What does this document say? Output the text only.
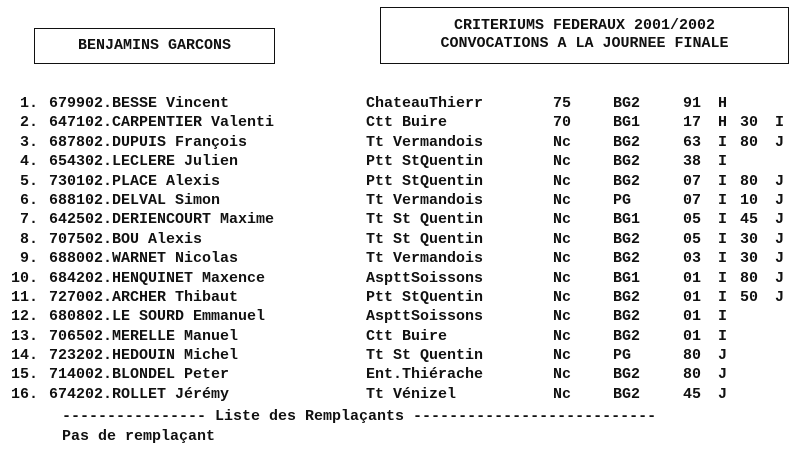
BENJAMINS GARCONS
CRITERIUMS FEDERAUX 2001/2002
CONVOCATIONS A LA JOURNEE FINALE
1. 679902.BESSE Vincent	ChateauThierr	75	BG2	91 H
2. 647102.CARPENTIER Valenti	Ctt Buire	70	BG1	17 H 30 I
3. 687802.DUPUIS François	Tt Vermandois	Nc	BG2	63 I 80 J
4. 654302.LECLERE Julien	Ptt StQuentin	Nc	BG2	38 I
5. 730102.PLACE Alexis	Ptt StQuentin	Nc	BG2	07 I 80 J
6. 688102.DELVAL Simon	Tt Vermandois	Nc	PG	07 I 10 J
7. 642502.DERIENCOURT Maxime	Tt St Quentin	Nc	BG1	05 I 45 J
8. 707502.BOU Alexis	Tt St Quentin	Nc	BG2	05 I 30 J
9. 688002.WARNET Nicolas	Tt Vermandois	Nc	BG2	03 I 30 J
10. 684202.HENQUINET Maxence	AspttSoissons	Nc	BG1	01 I 80 J
11. 727002.ARCHER Thibaut	Ptt StQuentin	Nc	BG2	01 I 50 J
12. 680802.LE SOURD Emmanuel	AspttSoissons	Nc	BG2	01 I
13. 706502.MERELLE Manuel	Ctt Buire	Nc	BG2	01 I
14. 723202.HEDOUIN Michel	Tt St Quentin	Nc	PG	80 J
15. 714002.BLONDEL Peter	Ent.Thiérache	Nc	BG2	80 J
16. 674202.ROLLET Jérémy	Tt Vénizel	Nc	BG2	45 J
---------------- Liste des Remplaçants ---------------------------
Pas de remplaçant
